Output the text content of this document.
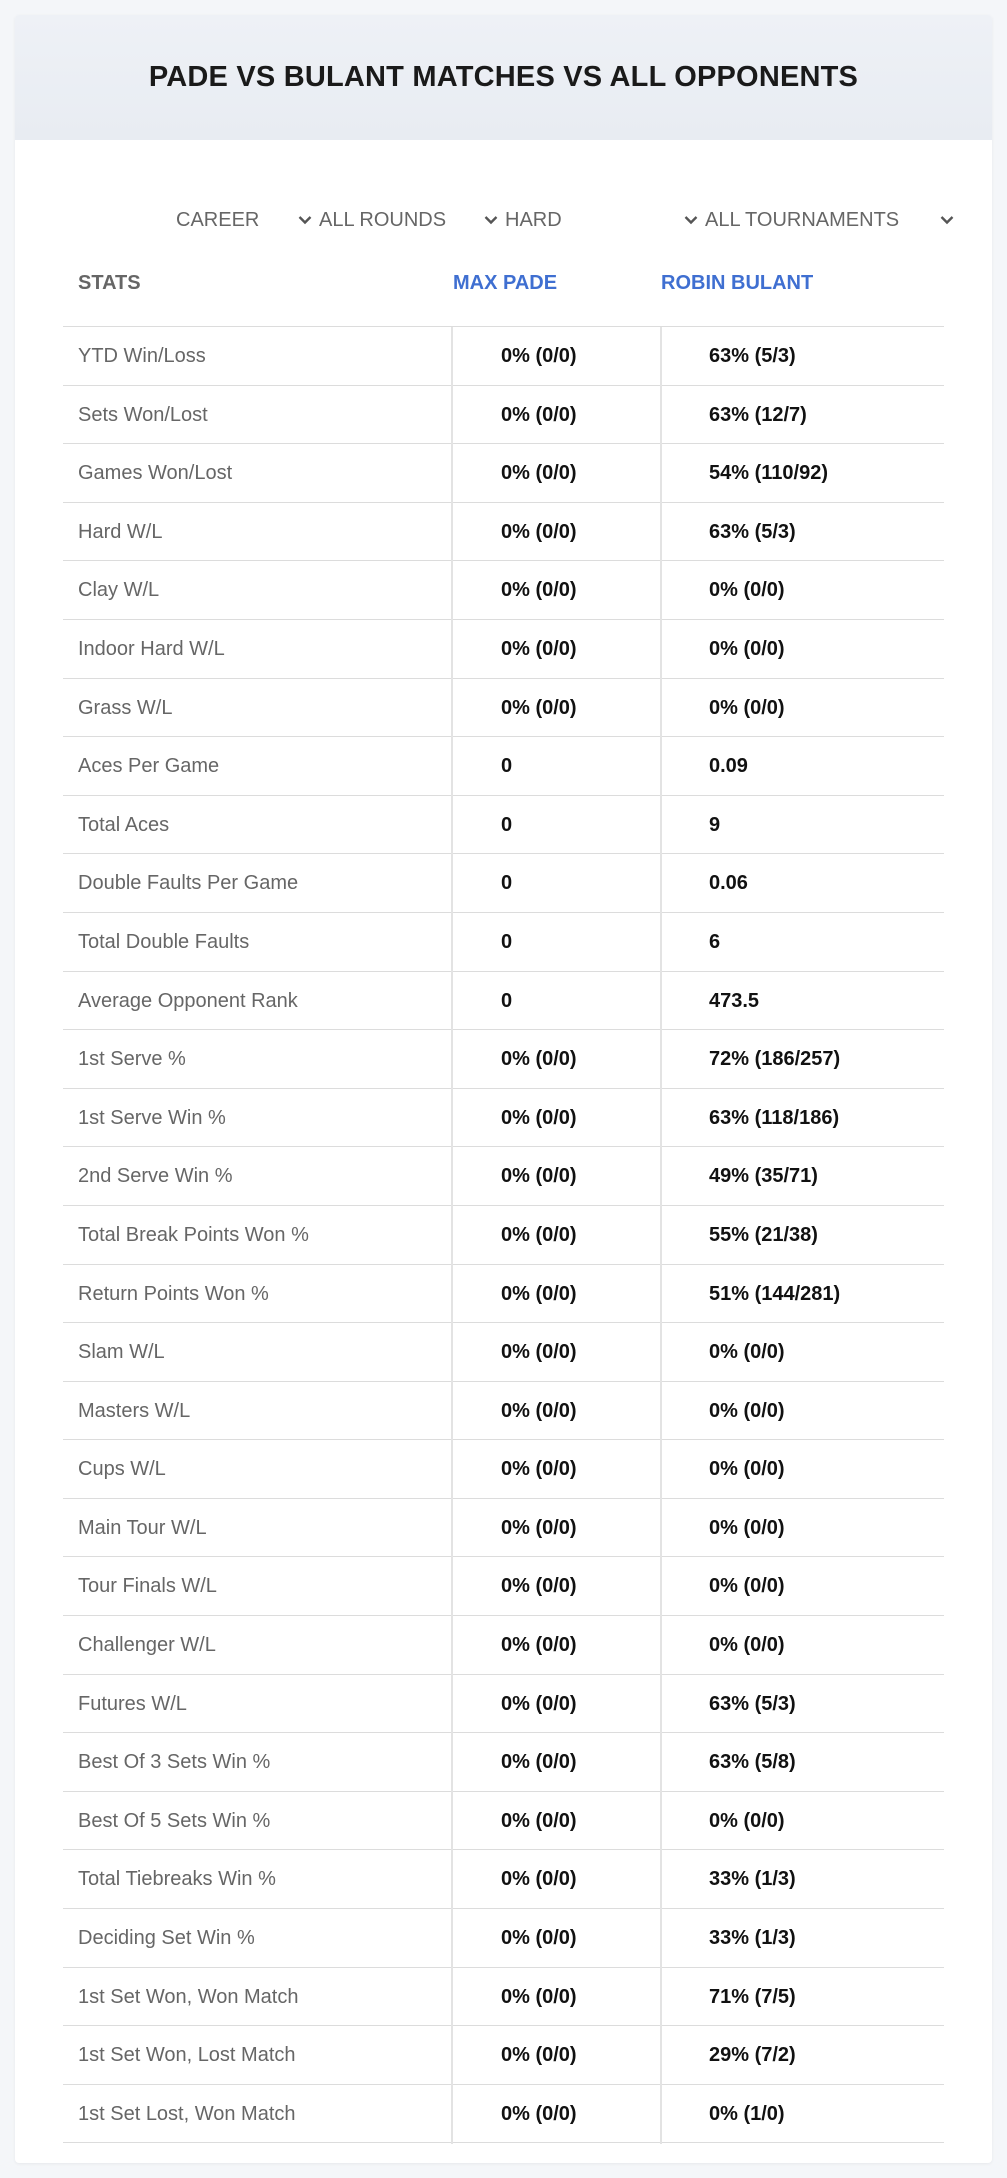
PADE VS BULANT MATCHES VS ALL OPPONENTS
CAREER	ALL ROUNDS	HARD	ALL TOURNAMENTS
STATS	MAX PADE	ROBIN BULANT
YTD Win/Loss	0% (0/0)	63% (5/3)
Sets Won/Lost	0% (0/0)	63% (12/7)
Games Won/Lost	0% (0/0)	54% (110/92)
Hard W/L	0% (0/0)	63% (5/3)
Clay W/L	0% (0/0)	0% (0/0)
Indoor Hard W/L	0% (0/0)	0% (0/0)
Grass W/L	0% (0/0)	0% (0/0)
Aces Per Game	0	0.09
Total Aces	0	9
Double Faults Per Game	0	0.06
Total Double Faults	0	6
Average Opponent Rank	0	473.5
1st Serve %	0% (0/0)	72% (186/257)
1st Serve Win %	0% (0/0)	63% (118/186)
2nd Serve Win %	0% (0/0)	49% (35/71)
Total Break Points Won %	0% (0/0)	55% (21/38)
Return Points Won %	0% (0/0)	51% (144/281)
Slam W/L	0% (0/0)	0% (0/0)
Masters W/L	0% (0/0)	0% (0/0)
Cups W/L	0% (0/0)	0% (0/0)
Main Tour W/L	0% (0/0)	0% (0/0)
Tour Finals W/L	0% (0/0)	0% (0/0)
Challenger W/L	0% (0/0)	0% (0/0)
Futures W/L	0% (0/0)	63% (5/3)
Best Of 3 Sets Win %	0% (0/0)	63% (5/8)
Best Of 5 Sets Win %	0% (0/0)	0% (0/0)
Total Tiebreaks Win %	0% (0/0)	33% (1/3)
Deciding Set Win %	0% (0/0)	33% (1/3)
1st Set Won, Won Match	0% (0/0)	71% (7/5)
1st Set Won, Lost Match	0% (0/0)	29% (7/2)
1st Set Lost, Won Match	0% (0/0)	0% (1/0)
